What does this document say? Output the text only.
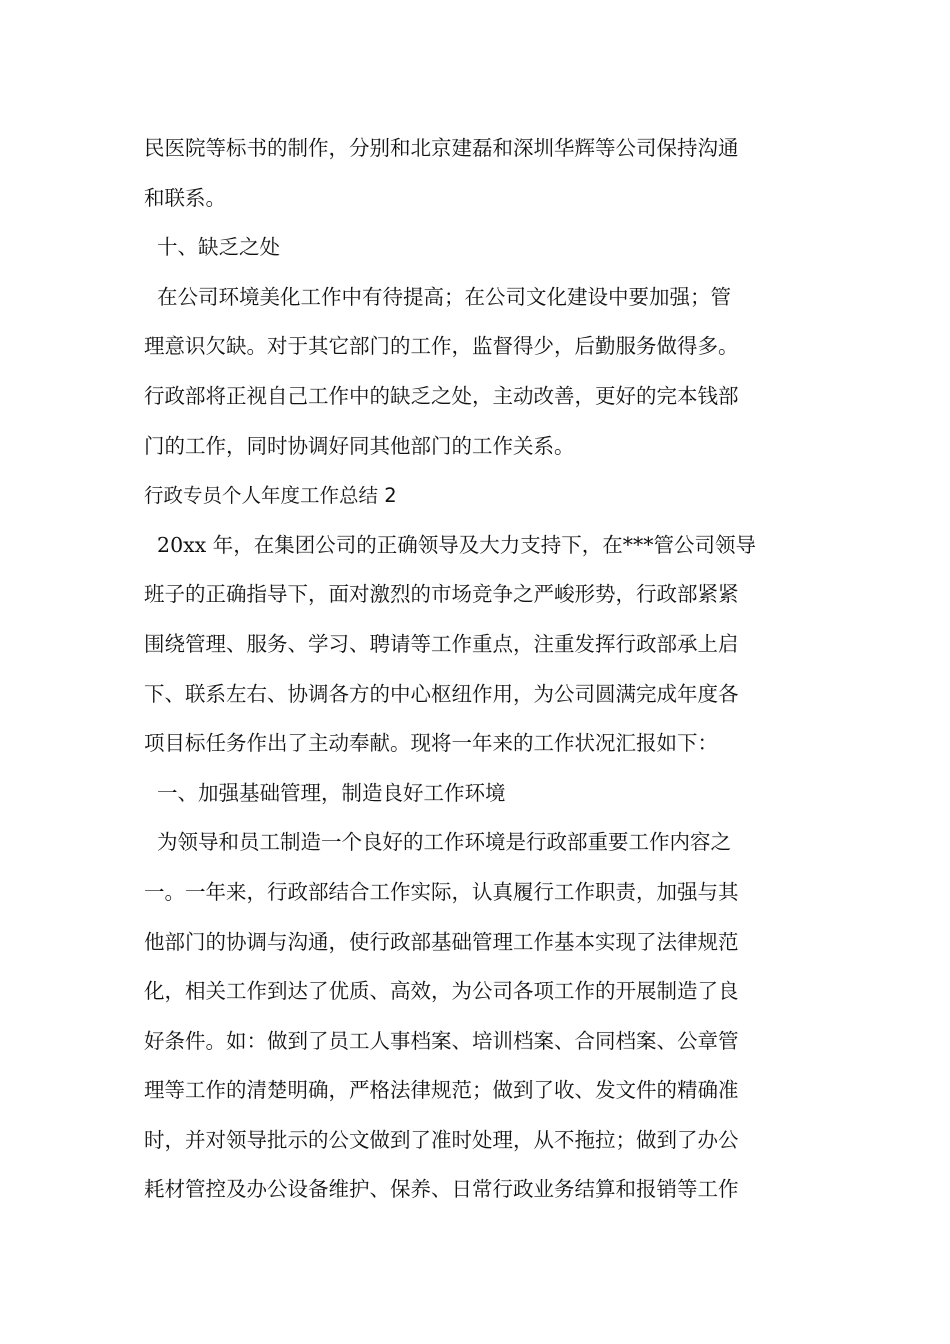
民医院等标书的制作，分别和北京建磊和深圳华辉等公司保持沟通
和联系。
十、缺乏之处
在公司环境美化工作中有待提高；在公司文化建设中要加强；管
理意识欠缺。对于其它部门的工作，监督得少，后勤服务做得多。
行政部将正视自己工作中的缺乏之处，主动改善，更好的完本钱部
门的工作，同时协调好同其他部门的工作关系。
行政专员个人年度工作总结 2
20xx 年，在集团公司的正确领导及大力支持下，在***管公司领导
班子的正确指导下，面对激烈的市场竞争之严峻形势，行政部紧紧
围绕管理、服务、学习、聘请等工作重点，注重发挥行政部承上启
下、联系左右、协调各方的中心枢纽作用，为公司圆满完成年度各
项目标任务作出了主动奉献。现将一年来的工作状况汇报如下：
一、加强基础管理，制造良好工作环境
为领导和员工制造一个良好的工作环境是行政部重要工作内容之
一。一年来，行政部结合工作实际，认真履行工作职责，加强与其
他部门的协调与沟通，使行政部基础管理工作基本实现了法律规范
化，相关工作到达了优质、高效，为公司各项工作的开展制造了良
好条件。如：做到了员工人事档案、培训档案、合同档案、公章管
理等工作的清楚明确，严格法律规范；做到了收、发文件的精确准
时，并对领导批示的公文做到了准时处理，从不拖拉；做到了办公
耗材管控及办公设备维护、保养、日常行政业务结算和报销等工作
